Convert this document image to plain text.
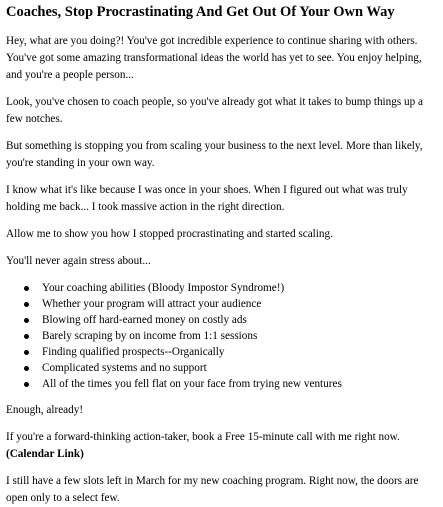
Coaches, Stop Procrastinating And Get Out Of Your Own Way

Hey, what are you doing?! You've got incredible experience to continue sharing with others. You've got some amazing transformational ideas the world has yet to see. You enjoy helping, and you're a people person...

Look, you've chosen to coach people, so you've already got what it takes to bump things up a few notches.

But something is stopping you from scaling your business to the next level. More than likely, you're standing in your own way.

I know what it's like because I was once in your shoes. When I figured out what was truly holding me back... I took massive action in the right direction.

Allow me to show you how I stopped procrastinating and started scaling.

You'll never again stress about...

Your coaching abilities (Bloody Impostor Syndrome!)
Whether your program will attract your audience
Blowing off hard-earned money on costly ads
Barely scraping by on income from 1:1 sessions
Finding qualified prospects--Organically
Complicated systems and no support
All of the times you fell flat on your face from trying new ventures

Enough, already!

If you're a forward-thinking action-taker, book a Free 15-minute call with me right now.
(Calendar Link)

I still have a few slots left in March for my new coaching program. Right now, the doors are open only to a select few.
